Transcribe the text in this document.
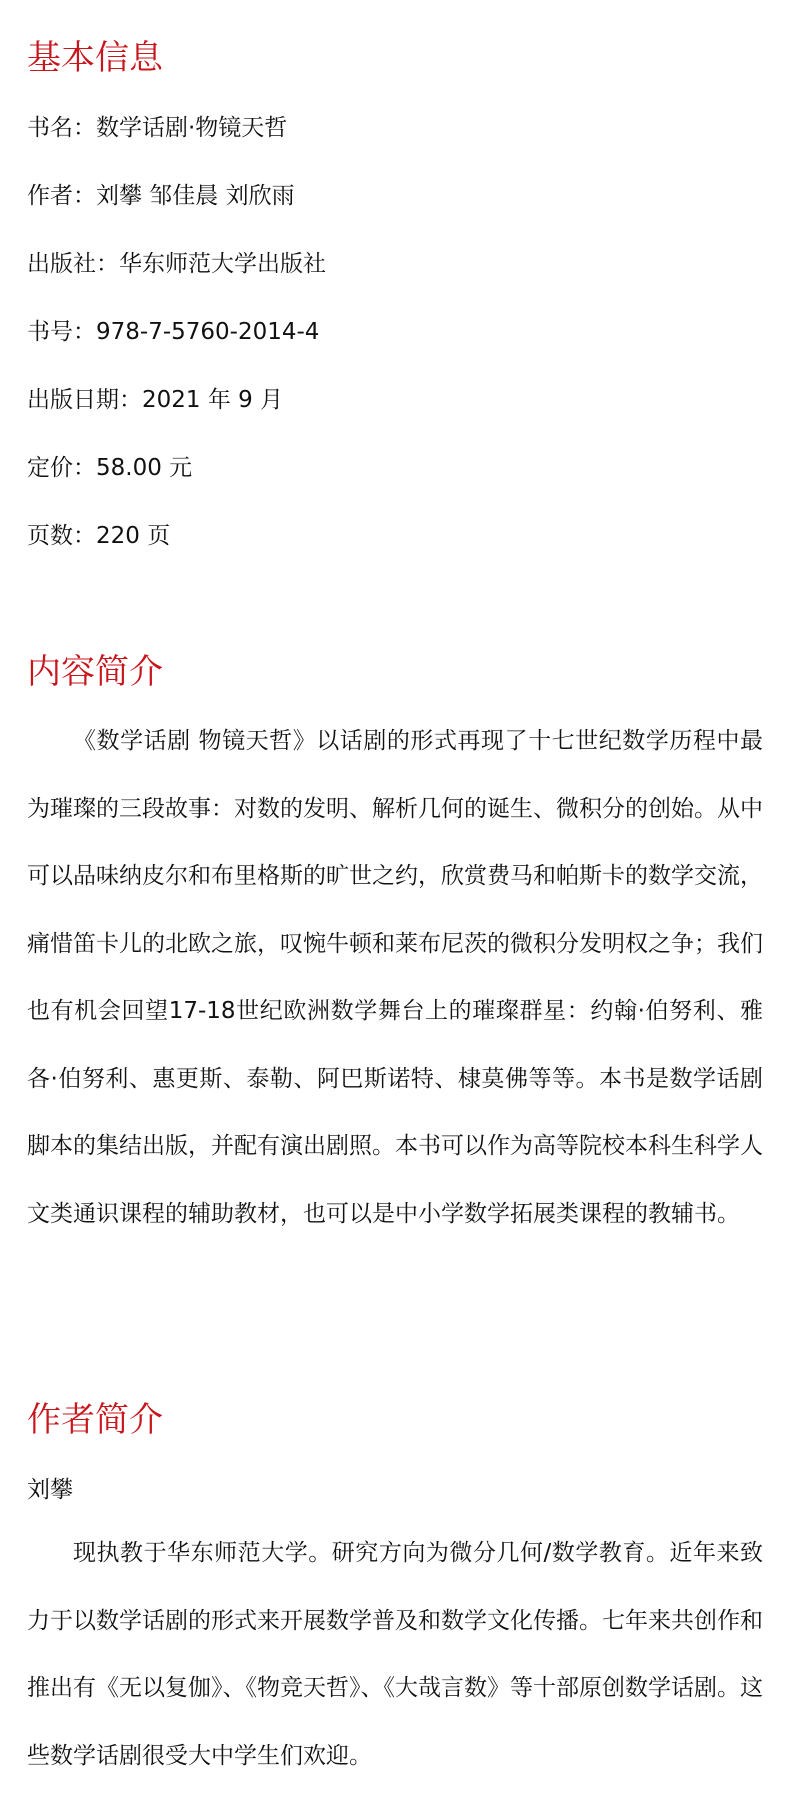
基本信息

书名：数学话剧·物镜天哲

作者：刘攀 邹佳晨 刘欣雨

出版社：华东师范大学出版社

书号：978-7-5760-2014-4

出版日期：2021 年 9 月

定价：58.00 元

页数：220 页

内容简介

《数学话剧 物镜天哲》以话剧的形式再现了十七世纪数学历程中最为璀璨的三段故事：对数的发明、解析几何的诞生、微积分的创始。从中可以品味纳皮尔和布里格斯的旷世之约，欣赏费马和帕斯卡的数学交流，痛惜笛卡儿的北欧之旅，叹惋牛顿和莱布尼茨的微积分发明权之争；我们也有机会回望17-18世纪欧洲数学舞台上的璀璨群星：约翰·伯努利、雅各·伯努利、惠更斯、泰勒、阿巴斯诺特、棣莫佛等等。本书是数学话剧脚本的集结出版，并配有演出剧照。本书可以作为高等院校本科生科学人文类通识课程的辅助教材，也可以是中小学数学拓展类课程的教辅书。

作者简介

刘攀

现执教于华东师范大学。研究方向为微分几何/数学教育。近年来致力于以数学话剧的形式来开展数学普及和数学文化传播。七年来共创作和推出有《无以复伽》、《物竞天哲》、《大哉言数》等十部原创数学话剧。这些数学话剧很受大中学生们欢迎。
